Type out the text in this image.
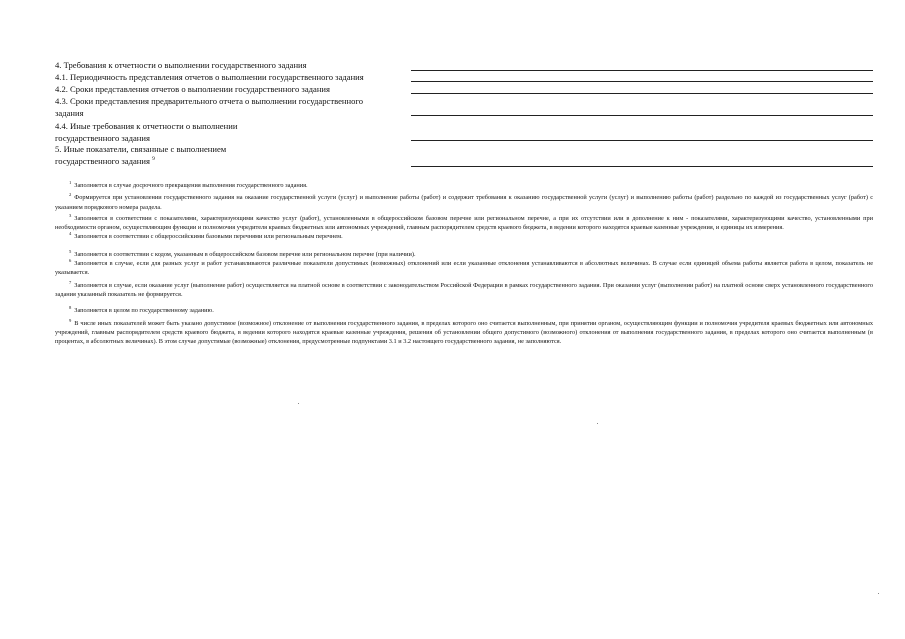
4. Требования к отчетности о выполнении государственного задания
4.1. Периодичность представления отчетов о выполнении государственного задания
4.2. Сроки представления отчетов о выполнении государственного задания
4.3. Сроки представления предварительного отчета о выполнении государственного
задания
4.4. Иные требования к отчетности о выполнении
государственного задания
5. Иные показатели, связанные с выполнением
государственного задания $^9$

$^1$ Заполняется в случае досрочного прекращения выполнения государственного задания.

$^2$ Формируется при установлении государственного задания на оказание государственной услуги (услуг) и выполнение работы (работ) и содержит требования к оказанию государственной услуги (услуг) и выполнению работы (работ) раздельно по каждой из государственных услуг (работ) с указанием порядкового номера раздела.

$^3$ Заполняется в соответствии с показателями, характеризующими качество услуг (работ), установленными в общероссийском базовом перечне или региональном перечне, а при их отсутствии или в дополнение к ним - показателями, характеризующими качество, установленными при необходимости органом, осуществляющим функции и полномочия учредителя краевых бюджетных или автономных учреждений, главным распорядителем средств краевого бюджета, в ведении которого находятся краевые казенные учреждения, и единицы их измерения.

$^4$ Заполняется в соответствии с общероссийскими базовыми перечнями или региональным перечнем.

$^5$ Заполняется в соответствии с кодом, указанным в общероссийском базовом перечне или региональном перечне (при наличии).

$^6$ Заполняется в случае, если для разных услуг и работ устанавливаются различные показатели допустимых (возможных) отклонений или если указанные отклонения устанавливаются в абсолютных величинах. В случае если единицей объема работы является работа в целом, показатель не указывается.

$^7$ Заполняется в случае, если оказание услуг (выполнение работ) осуществляется на платной основе в соответствии с законодательством Российской Федерации в рамках государственного задания. При оказании услуг (выполнении работ) на платной основе сверх установленного государственного задания указанный показатель не формируется.

$^8$ Заполняется в целом по государственному заданию.

$^9$ В числе иных показателей может быть указано допустимое (возможное) отклонение от выполнения государственного задания, в пределах которого оно считается выполненным, при принятии органом, осуществляющим функции и полномочия учредителя краевых бюджетных или автономных учреждений, главным распорядителем средств краевого бюджета, в ведении которого находятся краевые казенные учреждения, решения об установлении общего допустимого (возможного) отклонения от выполнения государственного задания, в пределах которого оно считается выполненным (в процентах, в абсолютных величинах). В этом случае допустимые (возможные) отклонения, предусмотренные подпунктами 3.1 и 3.2 настоящего государственного задания, не заполняются.
